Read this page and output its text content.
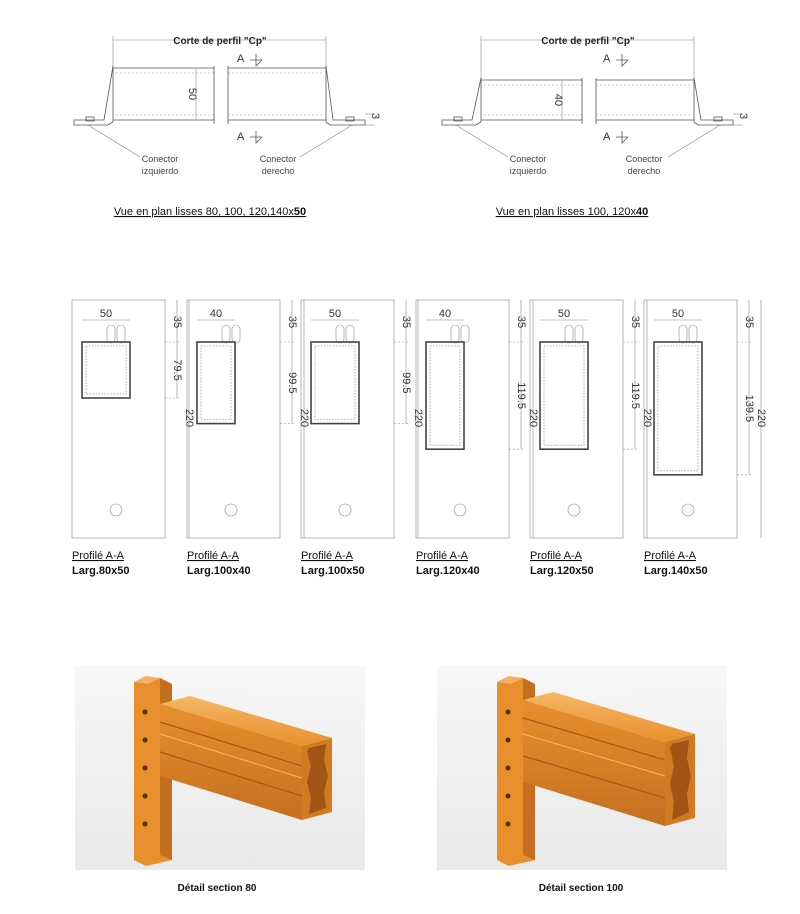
Corte de perfil "Cp"
50
3
A
A
Conector
izquierdo
Conector
derecho
Vue en plan lisses 80, 100, 120,140x50
Corte de perfil "Cp"
40
3
A
A
Conector
izquierdo
Conector
derecho
Vue en plan lisses 100, 120x40
50
35
79.5
220
Profilé A-A
Larg.80x50
40
35
99.5
220
Profilé A-A
Larg.100x40
50
35
99.5
220
Profilé A-A
Larg.100x50
40
35
119.5
220
Profilé A-A
Larg.120x40
50
35
119.5
220
Profilé A-A
Larg.120x50
50
35
139.5 220
Profilé A-A
Larg.140x50
Détail section 80	Détail section 100
